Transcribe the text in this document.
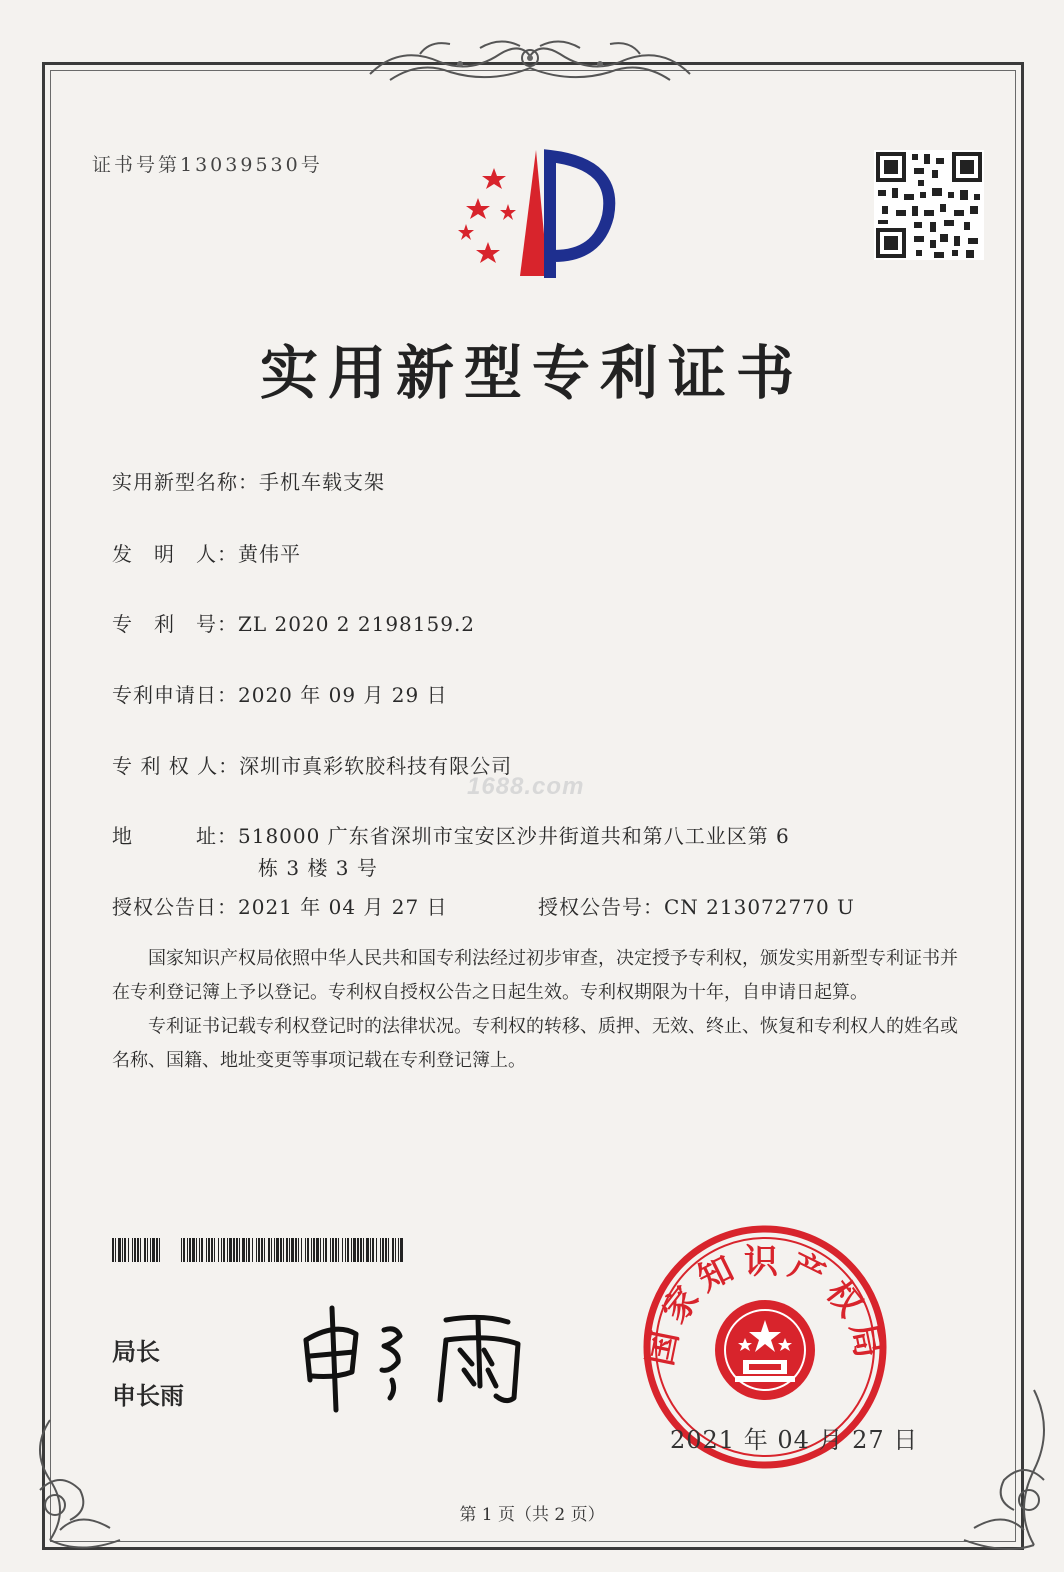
证书号第13039530号
实用新型专利证书
实用新型名称：手机车载支架
发　明　人：黄伟平
专　利　号：ZL 2020 2 2198159.2
专利申请日：2020 年 09 月 29 日
专 利 权 人：深圳市真彩软胶科技有限公司
1688.com
地　　　址：518000 广东省深圳市宝安区沙井街道共和第八工业区第 6
栋 3 楼 3 号
授权公告日：2021 年 04 月 27 日	授权公告号：CN 213072770 U

国家知识产权局依照中华人民共和国专利法经过初步审查，决定授予专利权，颁发实用新型专利证书并在专利登记簿上予以登记。专利权自授权公告之日起生效。专利权期限为十年，自申请日起算。

专利证书记载专利权登记时的法律状况。专利权的转移、质押、无效、终止、恢复和专利权人的姓名或名称、国籍、地址变更等事项记载在专利登记簿上。

局长
申长雨
国家知识产权局
2021 年 04 月 27 日
第 1 页（共 2 页）
